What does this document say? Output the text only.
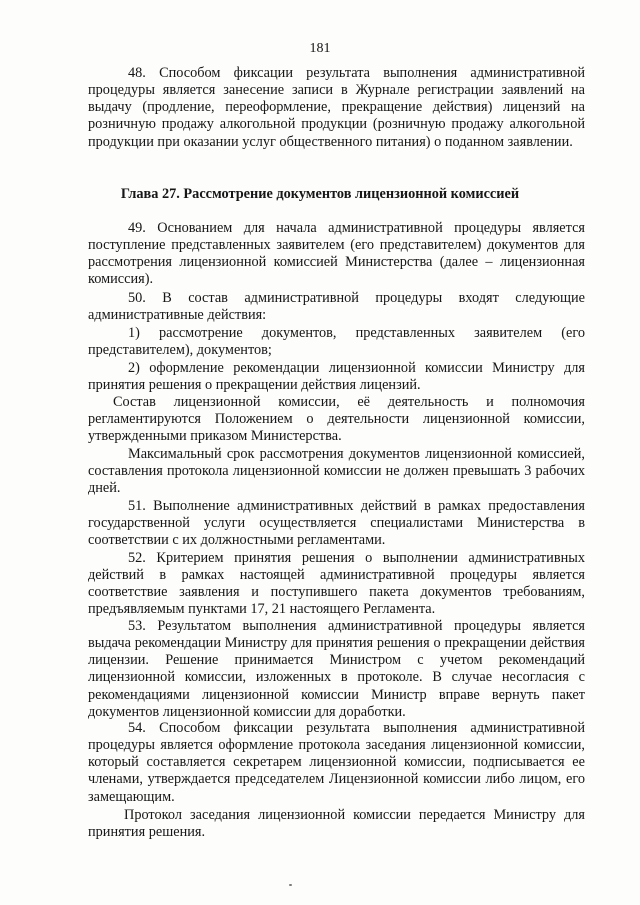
181
48. Способом фиксации результата выполнения административной процедуры является занесение записи в Журнале регистрации заявлений на выдачу (продление, переоформление, прекращение действия) лицензий на розничную продажу алкогольной продукции (розничную продажу алкогольной продукции при оказании услуг общественного питания) о поданном заявлении.
Глава 27. Рассмотрение документов лицензионной комиссией
49. Основанием для начала административной процедуры является поступление представленных заявителем (его представителем) документов для рассмотрения лицензионной комиссией Министерства (далее – лицензионная комиссия).
50. В состав административной процедуры входят следующие административные действия:
1) рассмотрение документов, представленных заявителем (его представителем), документов;
2) оформление рекомендации лицензионной комиссии Министру для принятия решения о прекращении действия лицензий.
Состав лицензионной комиссии, её деятельность и полномочия регламентируются Положением о деятельности лицензионной комиссии, утвержденными приказом Министерства.
Максимальный срок рассмотрения документов лицензионной комиссией, составления протокола лицензионной комиссии не должен превышать 3 рабочих дней.
51. Выполнение административных действий в рамках предоставления государственной услуги осуществляется специалистами Министерства в соответствии с их должностными регламентами.
52. Критерием принятия решения о выполнении административных действий в рамках настоящей административной процедуры является соответствие заявления и поступившего пакета документов требованиям, предъявляемым пунктами 17, 21 настоящего Регламента.
53. Результатом выполнения административной процедуры является выдача рекомендации Министру для принятия решения о прекращении действия лицензии. Решение принимается Министром с учетом рекомендаций лицензионной комиссии, изложенных в протоколе. В случае несогласия с рекомендациями лицензионной комиссии Министр вправе вернуть пакет документов лицензионной комиссии для доработки.
54. Способом фиксации результата выполнения административной процедуры является оформление протокола заседания лицензионной комиссии, который составляется секретарем лицензионной комиссии, подписывается ее членами, утверждается председателем Лицензионной комиссии либо лицом, его замещающим.
Протокол заседания лицензионной комиссии передается Министру для принятия решения.
